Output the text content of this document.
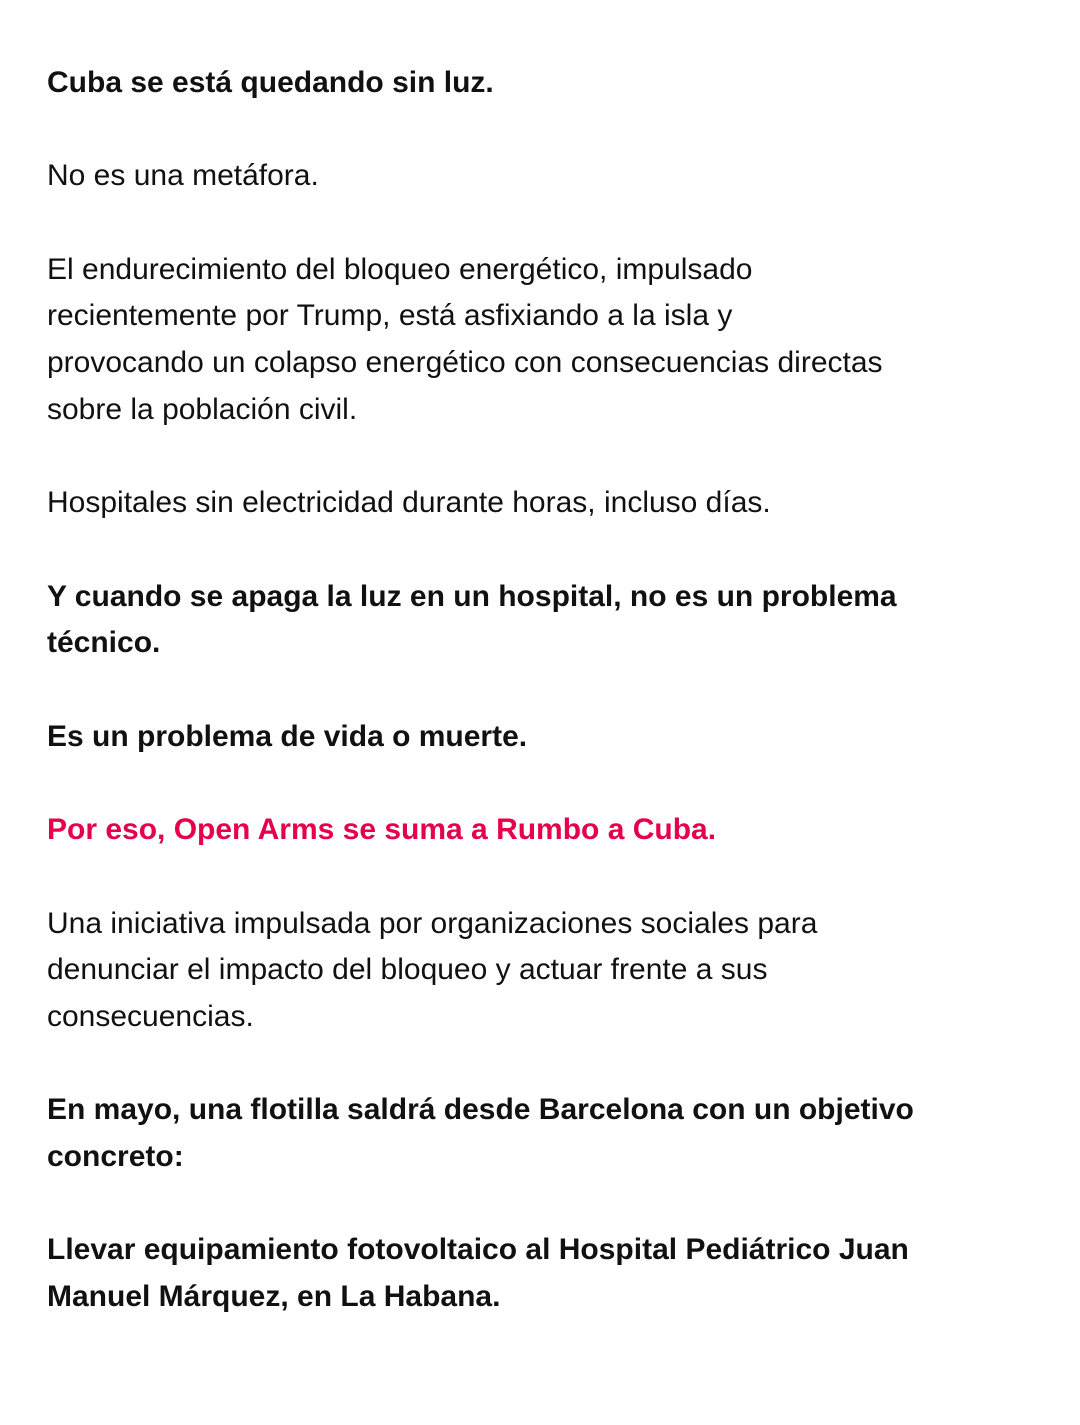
Cuba se está quedando sin luz.

No es una metáfora.

El endurecimiento del bloqueo energético, impulsado
recientemente por Trump, está asfixiando a la isla y
provocando un colapso energético con consecuencias directas
sobre la población civil.

Hospitales sin electricidad durante horas, incluso días.

Y cuando se apaga la luz en un hospital, no es un problema
técnico.

Es un problema de vida o muerte.

Por eso, Open Arms se suma a Rumbo a Cuba.

Una iniciativa impulsada por organizaciones sociales para
denunciar el impacto del bloqueo y actuar frente a sus
consecuencias.

En mayo, una flotilla saldrá desde Barcelona con un objetivo
concreto:

Llevar equipamiento fotovoltaico al Hospital Pediátrico Juan
Manuel Márquez, en La Habana.
